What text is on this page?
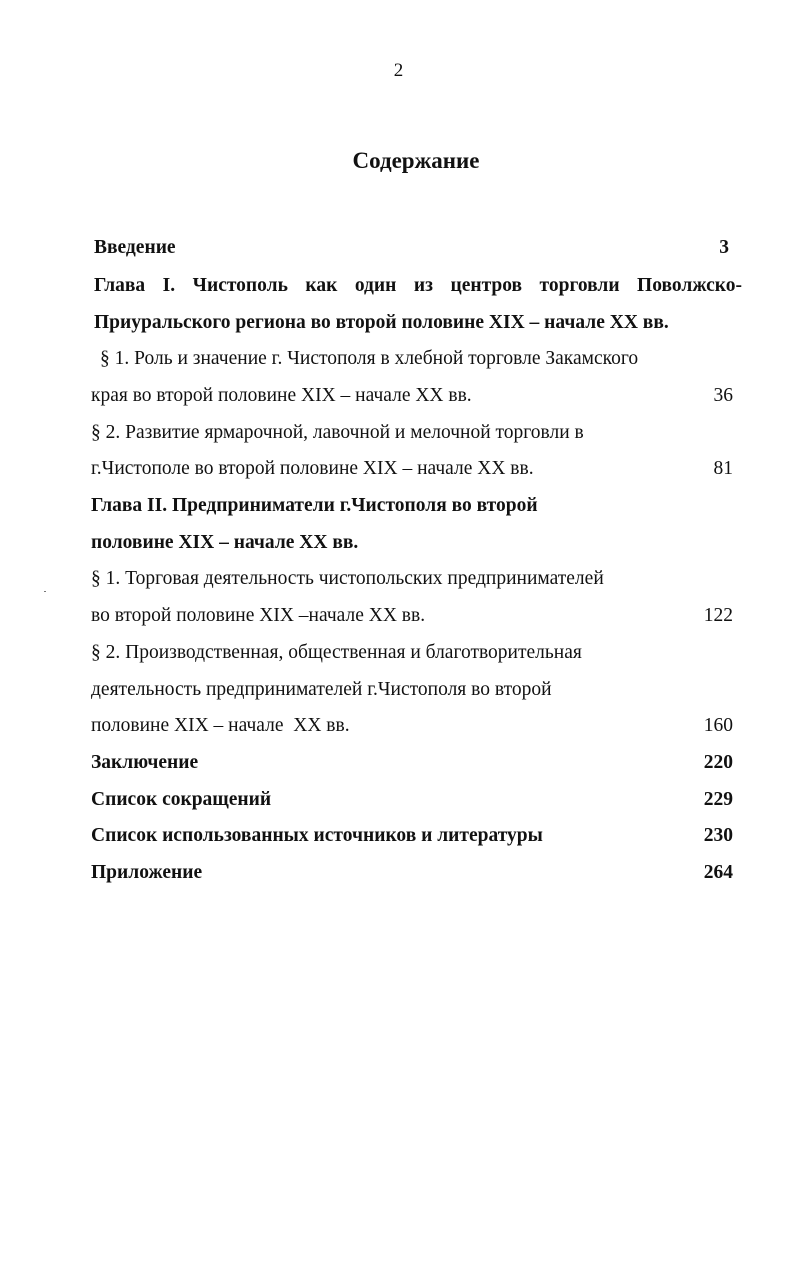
2
Содержание
Введение	3
Глава I. Чистополь как один из центров торговли Поволжско-
Приуральского региона во второй половине XIX – начале XX вв.
§ 1. Роль и значение г. Чистополя в хлебной торговле Закамского
края во второй половине XIX – начале XX вв.	36
§ 2. Развитие ярмарочной, лавочной и мелочной торговли в
г.Чистополе во второй половине XIX – начале XX вв.	81
Глава II. Предприниматели г.Чистополя во второй
половине XIX – начале XX вв.
§ 1. Торговая деятельность чистопольских предпринимателей
во второй половине XIX –начале XX вв.	122
§ 2. Производственная, общественная и благотворительная
деятельность предпринимателей г.Чистополя во второй
половине XIX – начале  XX вв.	160
Заключение	220
Список сокращений	229
Список использованных источников и литературы	230
Приложение	264
